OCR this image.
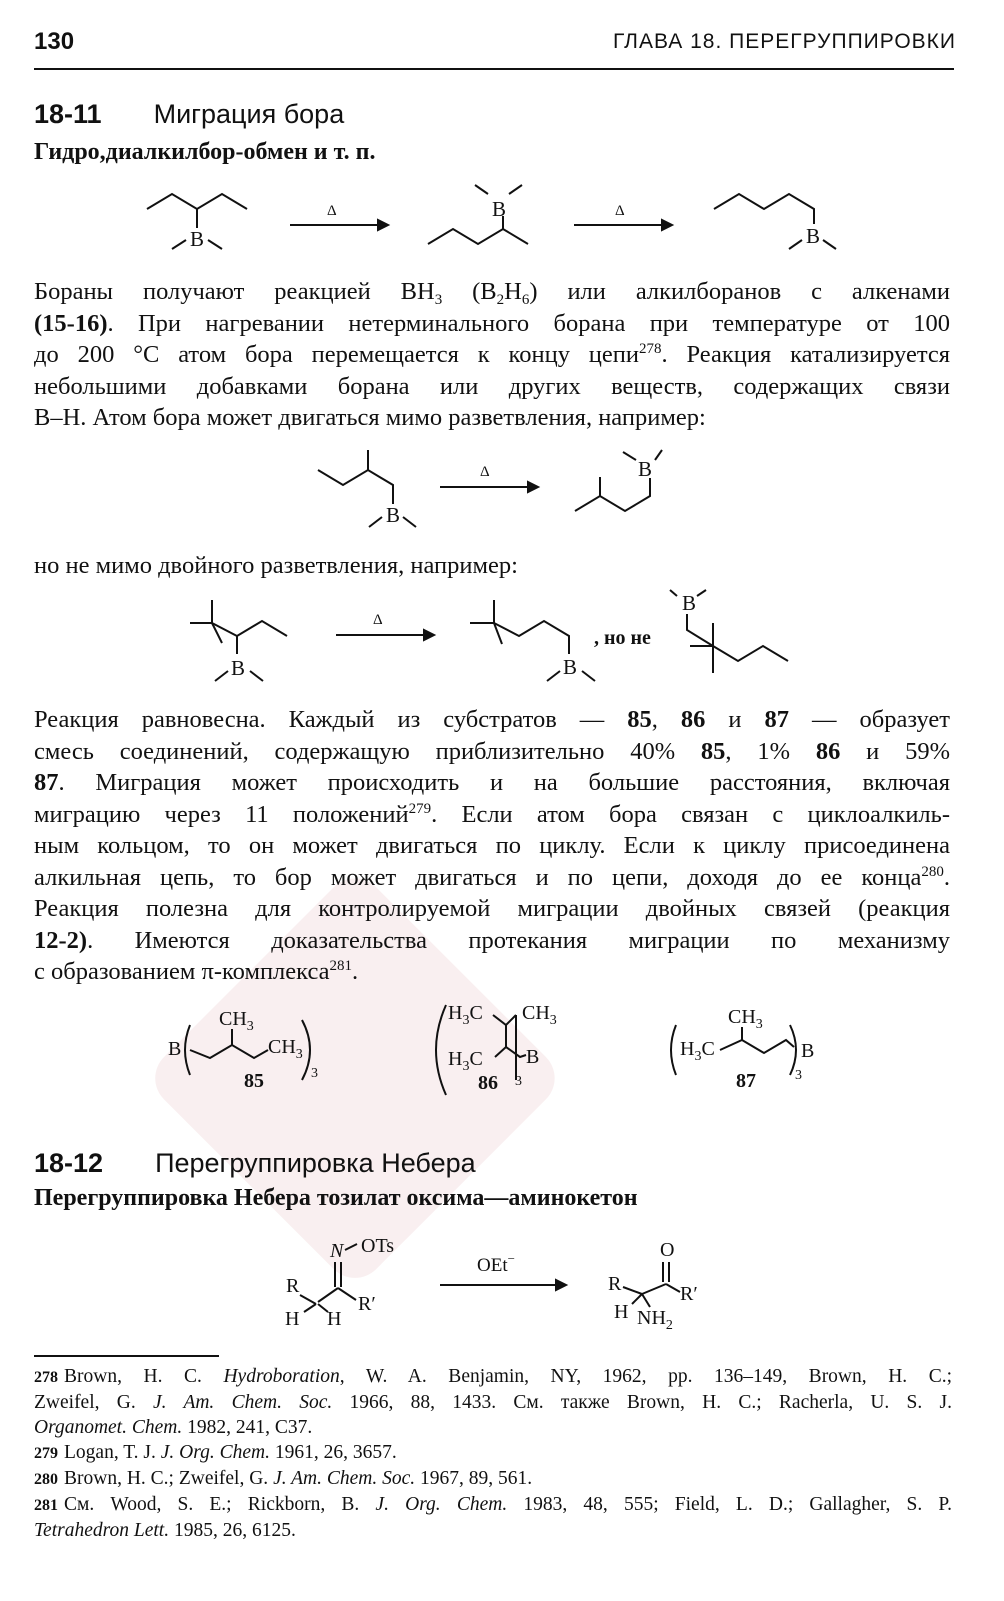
130	ГЛАВА 18. ПЕРЕГРУППИРОВКИ
18-11 Миграция бора
Гидро,диалкилбор-обмен и т. п.
B
Δ	B	Δ
B
Бораны получают реакцией $BH_3$ $(B_2H_6)$ или алкилборанов с алкенами
(15-16). При нагревании нетерминального борана при температуре от 100
до 200 °C атом бора перемещается к концу цепи$^{278}$. Реакция катализируется
небольшими добавками борана или других веществ, содержащих связи
B–H. Атом бора может двигаться мимо разветвления, например:
B
Δ	B
но не мимо двойного разветвления, например:
B
Δ
B
, но не
B
Реакция равновесна. Каждый из субстратов — 85, 86 и 87 — образует
смесь соединений, содержащую приблизительно 40% 85, 1% 86 и 59%
87. Миграция может происходить и на большие расстояния, включая
миграцию через 11 положений$^{279}$. Если атом бора связан с циклоалкиль-
ным кольцом, то он может двигаться по циклу. Если к циклу присоединена
алкильная цепь, то бор может двигаться и по цепи, доходя до ее конца$^{280}$.
Реакция полезна для контролируемой миграции двойных связей (реакция
12-2). Имеются доказательства протекания миграции по механизму
с образованием π-комплекса$^{281}$.
B
$CH_3$
$CH_3$
3
85
$H_3C$ $CH_3$
$H_3C$ B
86 3
$H_3C$
$CH_3$
B
3
87
18-12 Перегруппировка Небера
Перегруппировка Небера тозилат оксима—аминокетон
N OTs
R
R′
H H
OEt−	O
R	R′
H $NH_2$
278 Brown, H. C. Hydroboration, W. A. Benjamin, NY, 1962, pp. 136–149, Brown, H. C.;
Zweifel, G. J. Am. Chem. Soc. 1966, 88, 1433. См. также Brown, H. C.; Racherla, U. S. J.
Organomet. Chem. 1982, 241, C37.
279 Logan, T. J. J. Org. Chem. 1961, 26, 3657.
280 Brown, H. C.; Zweifel, G. J. Am. Chem. Soc. 1967, 89, 561.
281 См. Wood, S. E.; Rickborn, B. J. Org. Chem. 1983, 48, 555; Field, L. D.; Gallagher, S. P.
Tetrahedron Lett. 1985, 26, 6125.
